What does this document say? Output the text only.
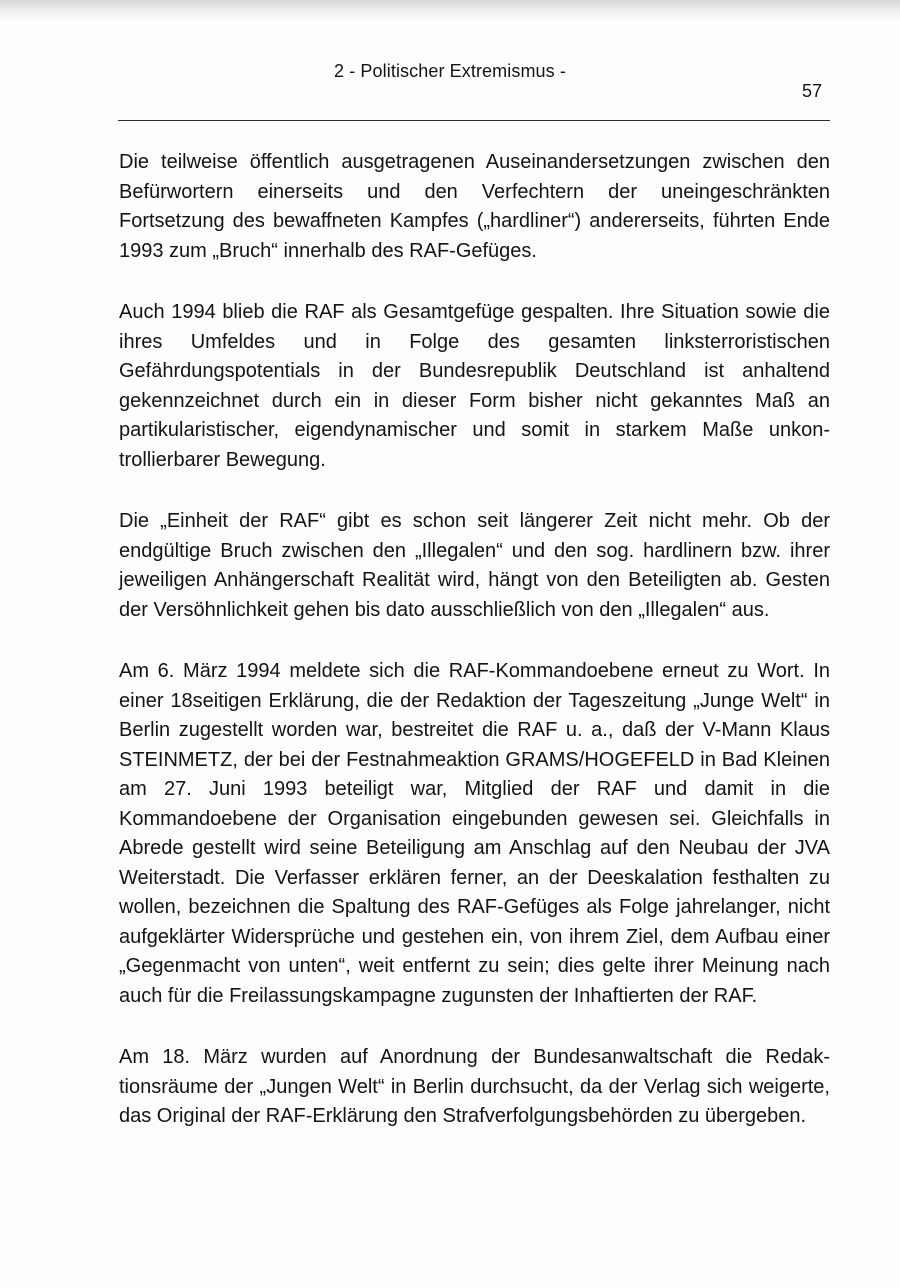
2 - Politischer Extremismus -
57

Die teilweise öffentlich ausgetragenen Auseinandersetzungen zwischen den Befürwortern einerseits und den Verfechtern der uneingeschränkten Fortsetzung des bewaffneten Kampfes („hardliner“) andererseits, führten Ende 1993 zum „Bruch“ innerhalb des RAF-Gefüges.

Auch 1994 blieb die RAF als Gesamtgefüge gespalten. Ihre Situation sowie die ihres Umfeldes und in Folge des gesamten linksterroristischen Gefährdungspotentials in der Bundesrepublik Deutschland ist anhaltend gekennzeichnet durch ein in dieser Form bisher nicht gekanntes Maß an partikularistischer, eigendynamischer und somit in starkem Maße unkontrollierbarer Bewegung.

Die „Einheit der RAF“ gibt es schon seit längerer Zeit nicht mehr. Ob der endgültige Bruch zwischen den „Illegalen“ und den sog. hardlinern bzw. ihrer jeweiligen Anhängerschaft Realität wird, hängt von den Beteiligten ab. Gesten der Versöhnlichkeit gehen bis dato ausschließlich von den „Illegalen“ aus.

Am 6. März 1994 meldete sich die RAF-Kommandoebene erneut zu Wort. In einer 18seitigen Erklärung, die der Redaktion der Tageszeitung „Junge Welt“ in Berlin zugestellt worden war, bestreitet die RAF u. a., daß der V-Mann Klaus STEINMETZ, der bei der Festnahmeaktion GRAMS/HOGEFELD in Bad Kleinen am 27. Juni 1993 beteiligt war, Mitglied der RAF und damit in die Kommandoebene der Organisation eingebunden gewesen sei. Gleichfalls in Abrede gestellt wird seine Beteiligung am Anschlag auf den Neubau der JVA Weiterstadt. Die Verfasser erklären ferner, an der Deeskalation festhalten zu wollen, bezeichnen die Spaltung des RAF-Gefüges als Folge jahrelanger, nicht aufgeklärter Widersprüche und gestehen ein, von ihrem Ziel, dem Aufbau einer „Gegenmacht von unten“, weit entfernt zu sein; dies gelte ihrer Meinung nach auch für die Freilassungskampagne zugunsten der Inhaftierten der RAF.

Am 18. März wurden auf Anordnung der Bundesanwaltschaft die Redaktionsräume der „Jungen Welt“ in Berlin durchsucht, da der Verlag sich weigerte, das Original der RAF-Erklärung den Strafverfolgungsbehörden zu übergeben.
